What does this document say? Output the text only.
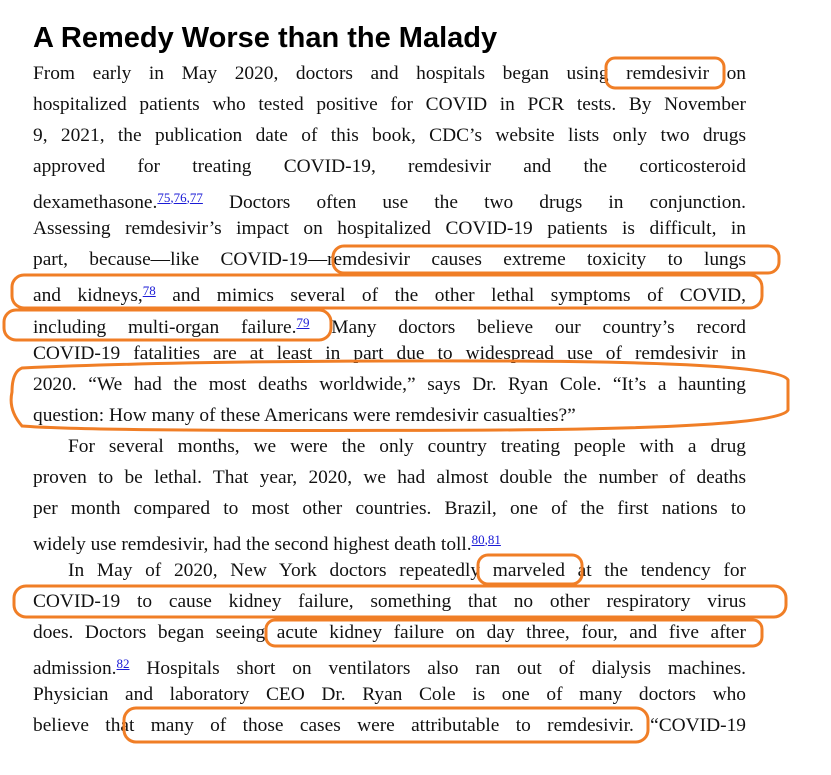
A Remedy Worse than the Malady
From early in May 2020, doctors and hospitals began using remdesivir on
hospitalized patients who tested positive for COVID in PCR tests. By November
9, 2021, the publication date of this book, CDC’s website lists only two drugs
approved for treating COVID-19, remdesivir and the corticosteroid
dexamethasone.$^{75,76,77}$ Doctors often use the two drugs in conjunction.
Assessing remdesivir’s impact on hospitalized COVID-19 patients is difficult, in
part, because—like COVID-19—remdesivir causes extreme toxicity to lungs
and kidneys,$^{78}$ and mimics several of the other lethal symptoms of COVID,
including multi-organ failure.$^{79}$ Many doctors believe our country’s record
COVID-19 fatalities are at least in part due to widespread use of remdesivir in
2020. “We had the most deaths worldwide,” says Dr. Ryan Cole. “It’s a haunting
question: How many of these Americans were remdesivir casualties?”
For several months, we were the only country treating people with a drug
proven to be lethal. That year, 2020, we had almost double the number of deaths
per month compared to most other countries. Brazil, one of the first nations to
widely use remdesivir, had the second highest death toll.$^{80,81}$
In May of 2020, New York doctors repeatedly marveled at the tendency for
COVID-19 to cause kidney failure, something that no other respiratory virus
does. Doctors began seeing acute kidney failure on day three, four, and five after
admission.$^{82}$ Hospitals short on ventilators also ran out of dialysis machines.
Physician and laboratory CEO Dr. Ryan Cole is one of many doctors who
believe that many of those cases were attributable to remdesivir. “COVID-19
